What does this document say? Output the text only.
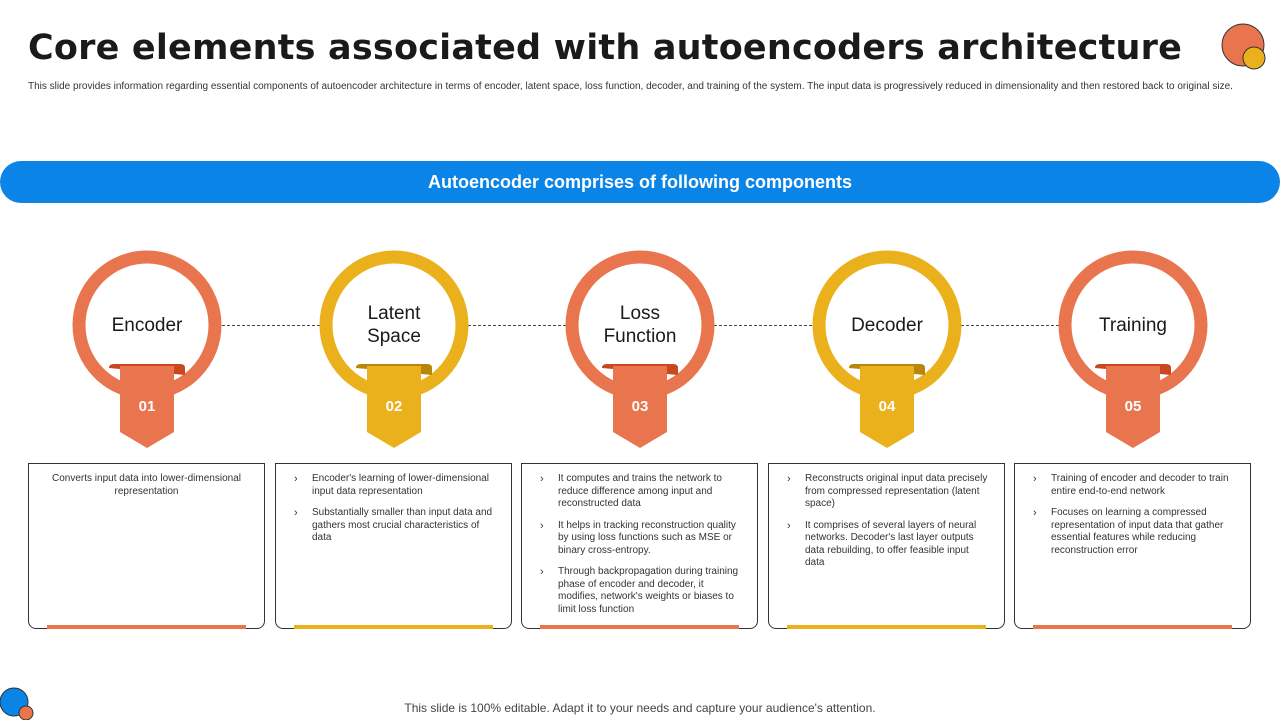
Core elements associated with autoencoders architecture
This slide provides information regarding essential components of autoencoder architecture in terms of encoder, latent space, loss function, decoder, and training of the system. The input data is progressively reduced in dimensionality and then restored back to original size.
Autoencoder comprises of following components
Encoder
01
Latent Space
02
Loss Function
03
Decoder
04
Training
05
Converts input data into lower-dimensional representation
› Encoder's learning of lower-dimensional input data representation
› Substantially smaller than input data and gathers most crucial characteristics of data
› It computes and trains the network to reduce difference among input and reconstructed data
› It helps in tracking reconstruction quality by using loss functions such as MSE or binary cross-entropy.
› Through backpropagation during training phase of encoder and decoder, it modifies, network's weights or biases to limit loss function
› Reconstructs original input data precisely from compressed representation (latent space)
› It comprises of several layers of neural networks. Decoder's last layer outputs data rebuilding, to offer feasible input data
› Training of encoder and decoder to train entire end-to-end network
› Focuses on learning a compressed representation of input data that gather essential features while reducing reconstruction error
This slide is 100% editable. Adapt it to your needs and capture your audience's attention.
